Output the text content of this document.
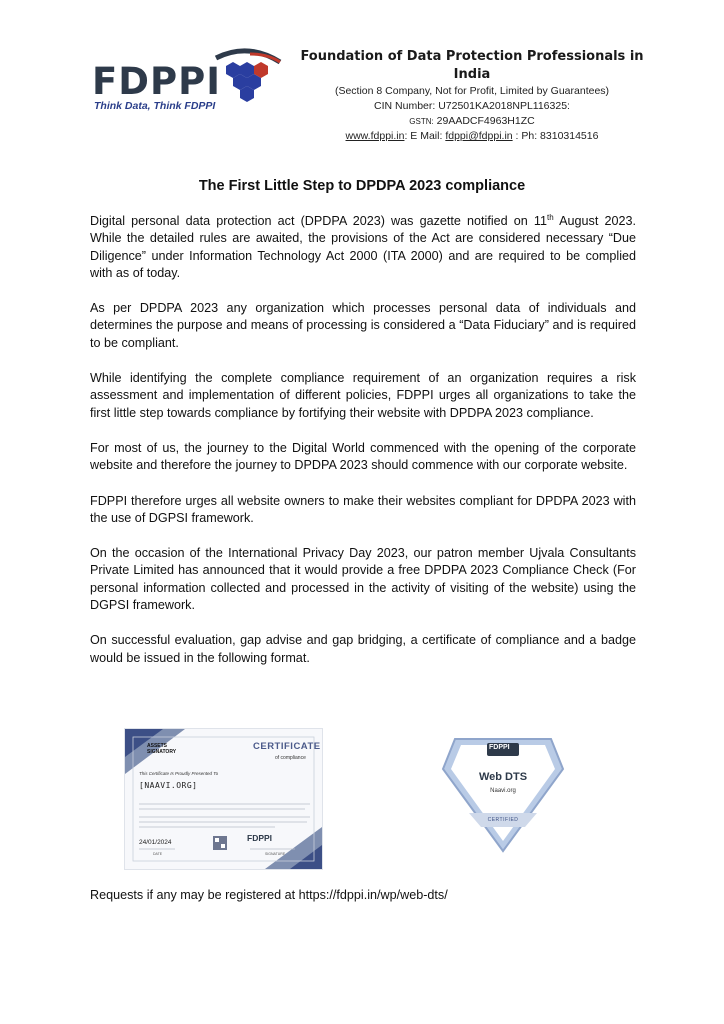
FDPPI
Think Data, Think FDPPI
Foundation of Data Protection Professionals in India
(Section 8 Company, Not for Profit, Limited by Guarantees)
CIN Number: U72501KA2018NPL116325:
GSTN: 29AADCF4963H1ZC
www.fdppi.in: E Mail: fdppi@fdppi.in : Ph: 8310314516
The First Little Step to DPDPA 2023 compliance

Digital personal data protection act (DPDPA 2023) was gazette notified on 11th August 2023. While the detailed rules are awaited, the provisions of the Act are considered necessary “Due Diligence” under Information Technology Act 2000 (ITA 2000) and are required to be complied with as of today.

As per DPDPA 2023 any organization which processes personal data of individuals and determines the purpose and means of processing is considered a “Data Fiduciary” and is required to be compliant.

While identifying the complete compliance requirement of an organization requires a risk assessment and implementation of different policies, FDPPI urges all organizations to take the first little step towards compliance by fortifying their website with DPDPA 2023 compliance.

For most of us, the journey to the Digital World commenced with the opening of the corporate website and therefore the journey to DPDPA 2023 should commence with our corporate website.

FDPPI therefore urges all website owners to make their websites compliant for DPDPA 2023 with the use of DGPSI framework.

On the occasion of the International Privacy Day 2023, our patron member Ujvala Consultants Private Limited has announced that it would provide a free DPDPA 2023 Compliance Check (For personal information collected and processed in the activity of visiting of the website) using the DGPSI framework.

On successful evaluation, gap advise and gap bridging, a certificate of compliance and a badge would be issued in the following format.

ASSETS
SIGNATORY	CERTIFICATE
of compliance
This Certificate Is Proudly Presented To
[NAAVI.ORG]
24/01/2024
DATE
FDPPI
SIGNATURE
FDPPI
Web DTS
Naavi.org
CERTIFIED
Requests if any may be registered at https://fdppi.in/wp/web-dts/
